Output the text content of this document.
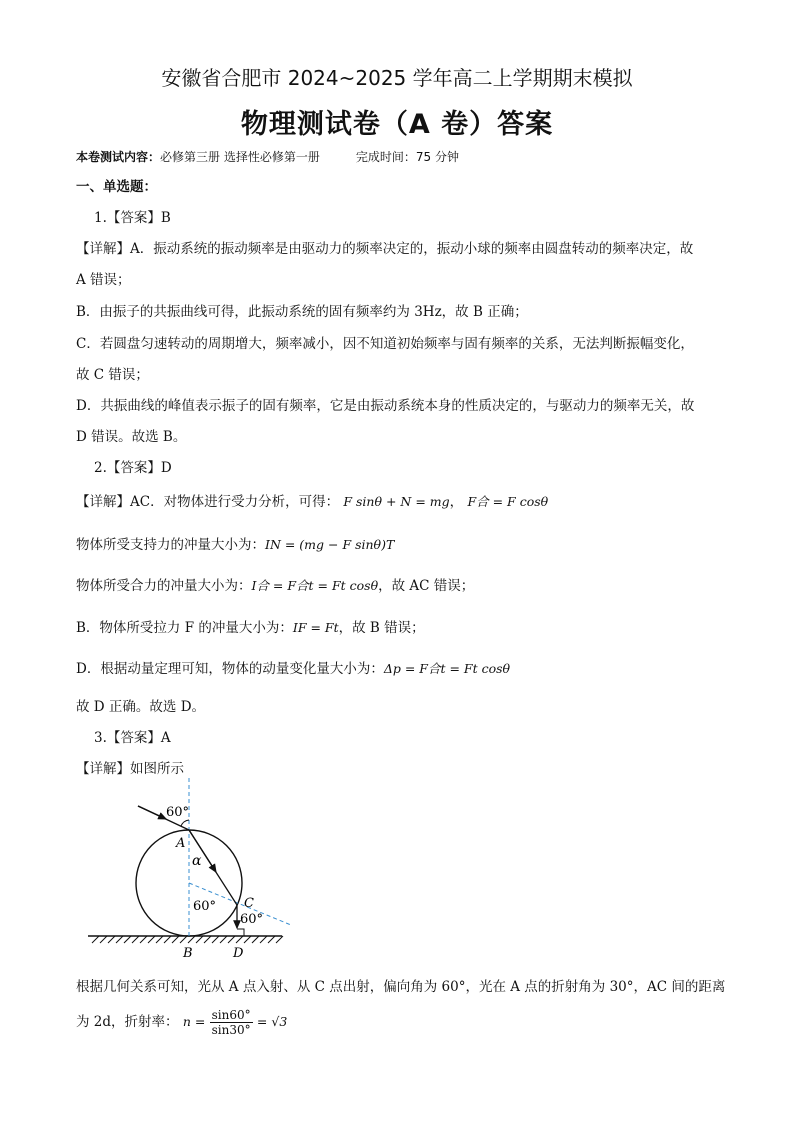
安徽省合肥市 2024~2025 学年高二上学期期末模拟
物理测试卷（A 卷）答案
本卷测试内容：必修第三册 选择性必修第一册	完成时间：75 分钟
一、单选题：
1.【答案】B
【详解】A．振动系统的振动频率是由驱动力的频率决定的，振动小球的频率由圆盘转动的频率决定，故
A 错误；
B．由振子的共振曲线可得，此振动系统的固有频率约为 3Hz，故 B 正确；
C．若圆盘匀速转动的周期增大，频率减小，因不知道初始频率与固有频率的关系，无法判断振幅变化，
故 C 错误；
D．共振曲线的峰值表示振子的固有频率，它是由振动系统本身的性质决定的，与驱动力的频率无关，故
D 错误。故选 B。
2.【答案】D
【详解】AC．对物体进行受力分析，可得： F sinθ + N = mg， F合 = F cosθ
物体所受支持力的冲量大小为：IN = (mg − F sinθ)T
物体所受合力的冲量大小为：I合 = F合t = Ft cosθ，故 AC 错误；
B．物体所受拉力 F 的冲量大小为：IF = Ft，故 B 错误；
D．根据动量定理可知，物体的动量变化量大小为：Δp = F合t = Ft cosθ
故 D 正确。故选 D。
3.【答案】A
【详解】如图所示
60°
A
α
60° C
60°
B	D
根据几何关系可知，光从 A 点入射、从 C 点出射，偏向角为 60°，光在 A 点的折射角为 30°，AC 间的距离
为 2d，折射率： $n = \frac{\sin 60^\circ}{\sin 30^\circ} = √3$
